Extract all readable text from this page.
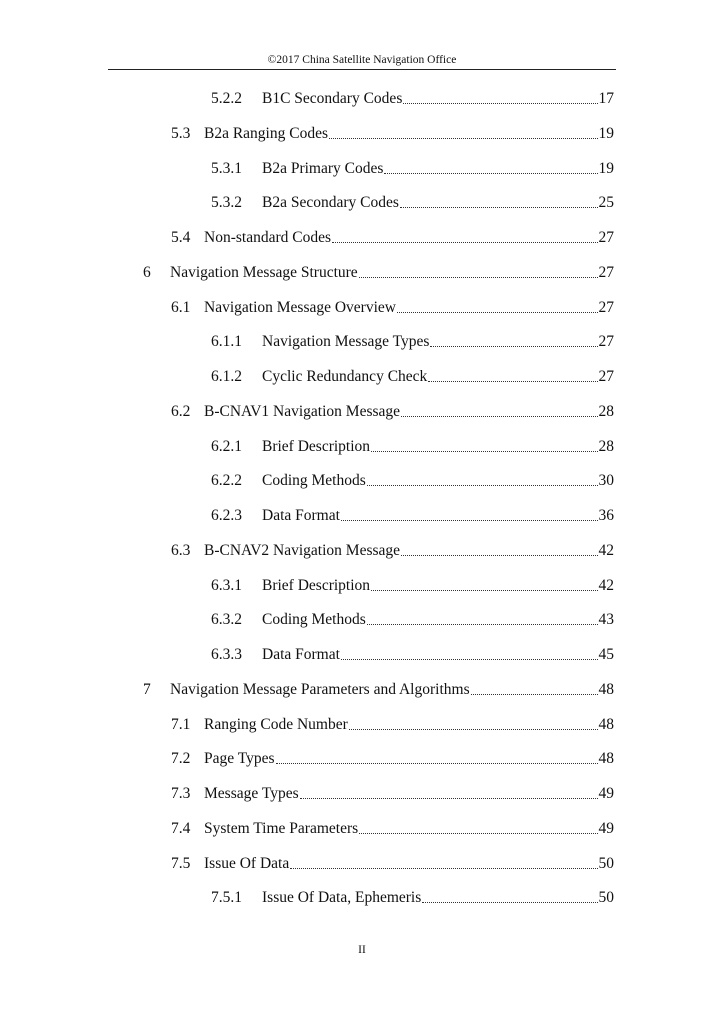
©2017 China Satellite Navigation Office
5.2.2	B1C Secondary Codes	17
5.3 B2a Ranging Codes	19
5.3.1	B2a Primary Codes	19
5.3.2	B2a Secondary Codes	25
5.4 Non-standard Codes	27
6	Navigation Message Structure	27
6.1 Navigation Message Overview	27
6.1.1	Navigation Message Types	27
6.1.2	Cyclic Redundancy Check	27
6.2 B-CNAV1 Navigation Message	28
6.2.1	Brief Description	28
6.2.2	Coding Methods	30
6.2.3	Data Format	36
6.3 B-CNAV2 Navigation Message	42
6.3.1	Brief Description	42
6.3.2	Coding Methods	43
6.3.3	Data Format	45
7	Navigation Message Parameters and Algorithms	48
7.1 Ranging Code Number	48
7.2 Page Types	48
7.3 Message Types	49
7.4 System Time Parameters	49
7.5 Issue Of Data	50
7.5.1	Issue Of Data, Ephemeris	50
II
